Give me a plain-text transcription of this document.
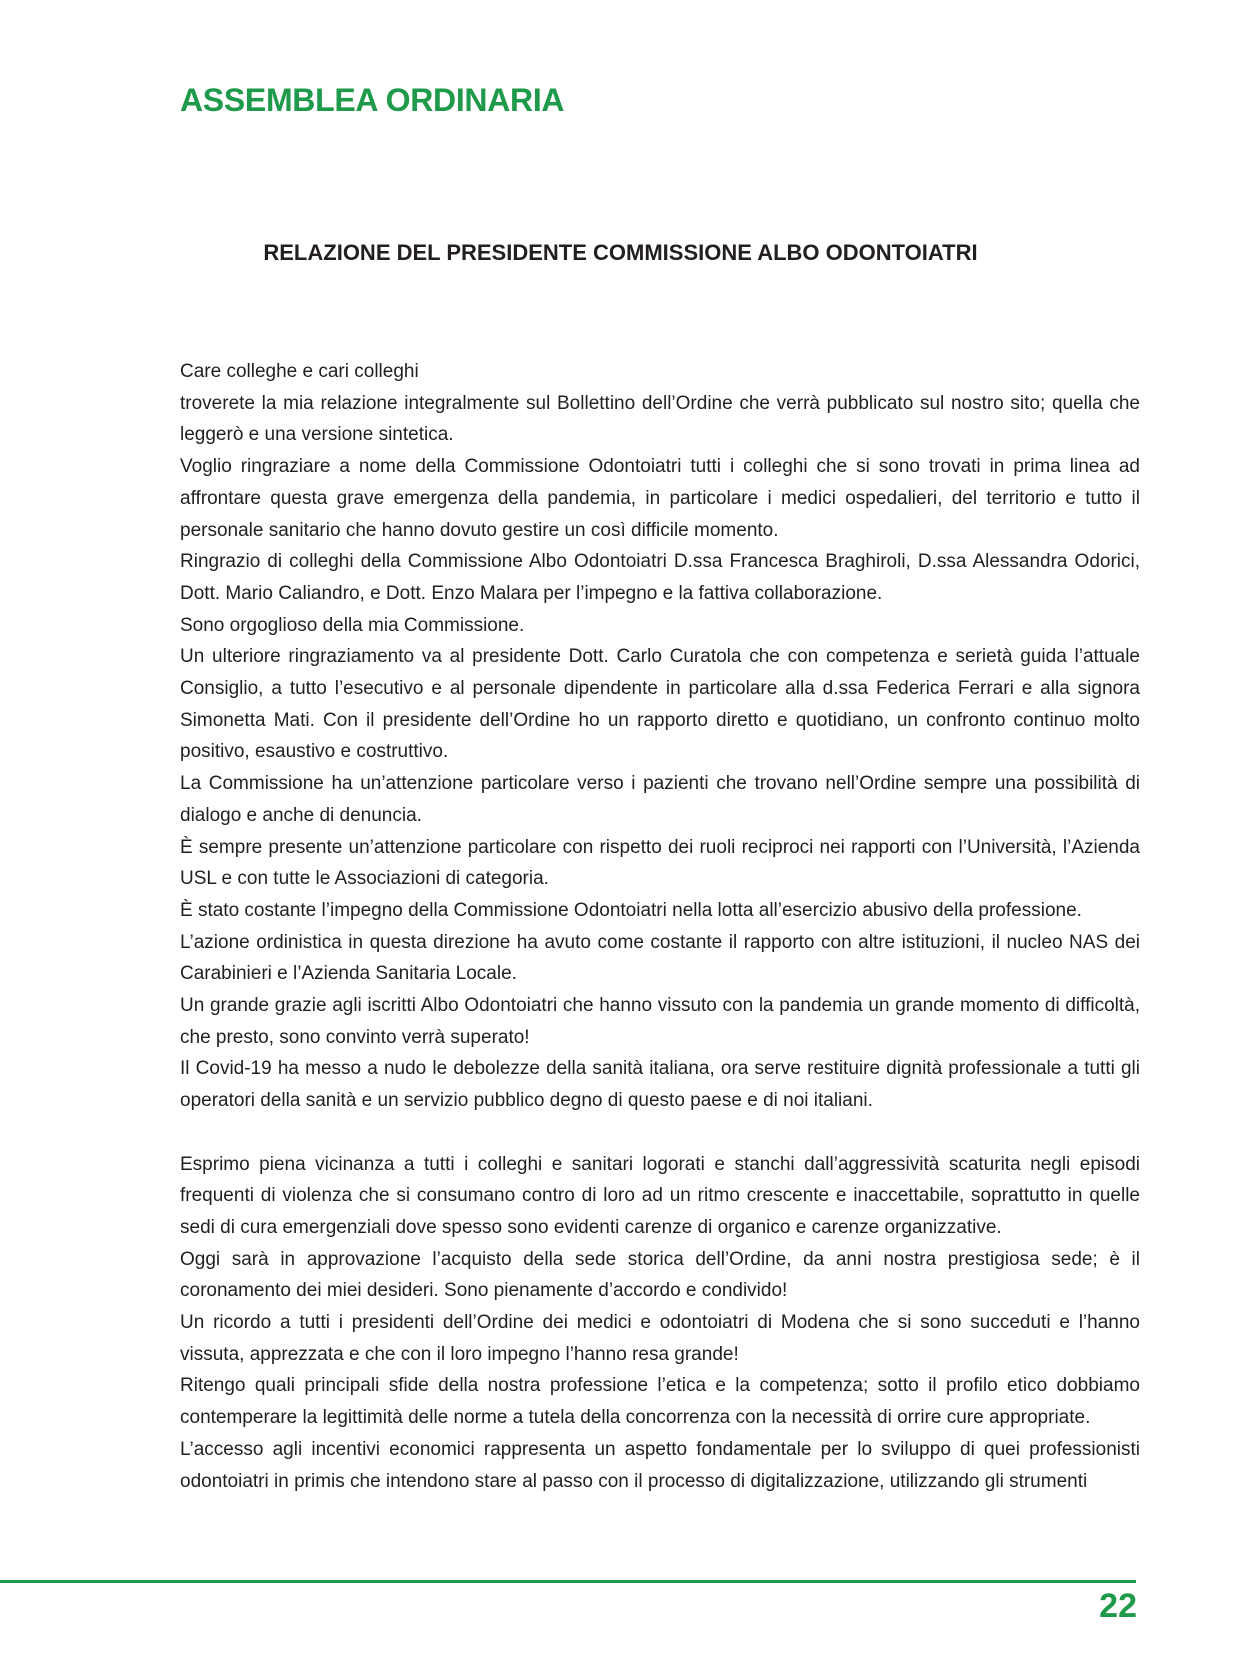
ASSEMBLEA ORDINARIA
RELAZIONE DEL PRESIDENTE COMMISSIONE ALBO ODONTOIATRI

Care colleghe e cari colleghi

troverete la mia relazione integralmente sul Bollettino dell’Ordine che verrà pubblicato sul nostro sito; quella che leggerò e una versione sintetica.

Voglio ringraziare a nome della Commissione Odontoiatri tutti i colleghi che si sono trovati in prima linea ad affrontare questa grave emergenza della pandemia, in particolare i medici ospedalieri, del territorio e tutto il personale sanitario che hanno dovuto gestire un così difficile momento.

Ringrazio di colleghi della Commissione Albo Odontoiatri D.ssa Francesca Braghiroli, D.ssa Alessandra Odorici, Dott. Mario Caliandro, e Dott. Enzo Malara per l’impegno e la fattiva collaborazione.

Sono orgoglioso della mia Commissione.

Un ulteriore ringraziamento va al presidente Dott. Carlo Curatola che con competenza e serietà guida l’attuale Consiglio, a tutto l’esecutivo e al personale dipendente in particolare alla d.ssa Federica Ferrari e alla signora Simonetta Mati. Con il presidente dell’Ordine ho un rapporto diretto e quotidiano, un confronto continuo molto positivo, esaustivo e costruttivo.

La Commissione ha un’attenzione particolare verso i pazienti che trovano nell’Ordine sempre una possibilità di dialogo e anche di denuncia.

È sempre presente un’attenzione particolare con rispetto dei ruoli reciproci nei rapporti con l’Università, l’Azienda USL e con tutte le Associazioni di categoria.

È stato costante l’impegno della Commissione Odontoiatri nella lotta all’esercizio abusivo della professione.

L’azione ordinistica in questa direzione ha avuto come costante il rapporto con altre istituzioni, il nucleo NAS dei Carabinieri e l’Azienda Sanitaria Locale.

Un grande grazie agli iscritti Albo Odontoiatri che hanno vissuto con la pandemia un grande momento di difficoltà, che presto, sono convinto verrà superato!

Il Covid-19 ha messo a nudo le debolezze della sanità italiana, ora serve restituire dignità professionale a tutti gli operatori della sanità e un servizio pubblico degno di questo paese e di noi italiani.

Esprimo piena vicinanza a tutti i colleghi e sanitari logorati e stanchi dall’aggressività scaturita negli episodi frequenti di violenza che si consumano contro di loro ad un ritmo crescente e inaccettabile, soprattutto in quelle sedi di cura emergenziali dove spesso sono evidenti carenze di organico e carenze organizzative.

Oggi sarà in approvazione l’acquisto della sede storica dell’Ordine, da anni nostra prestigiosa sede; è il coronamento dei miei desideri. Sono pienamente d’accordo e condivido!

Un ricordo a tutti i presidenti dell’Ordine dei medici e odontoiatri di Modena che si sono succeduti e l’hanno vissuta, apprezzata e che con il loro impegno l’hanno resa grande!

Ritengo quali principali sfide della nostra professione l’etica e la competenza; sotto il profilo etico dobbiamo contemperare la legittimità delle norme a tutela della concorrenza con la necessità di orrire cure appropriate.

L’accesso agli incentivi economici rappresenta un aspetto fondamentale per lo sviluppo di quei professionisti odontoiatri in primis che intendono stare al passo con il processo di digitalizzazione, utilizzando gli strumenti

22
